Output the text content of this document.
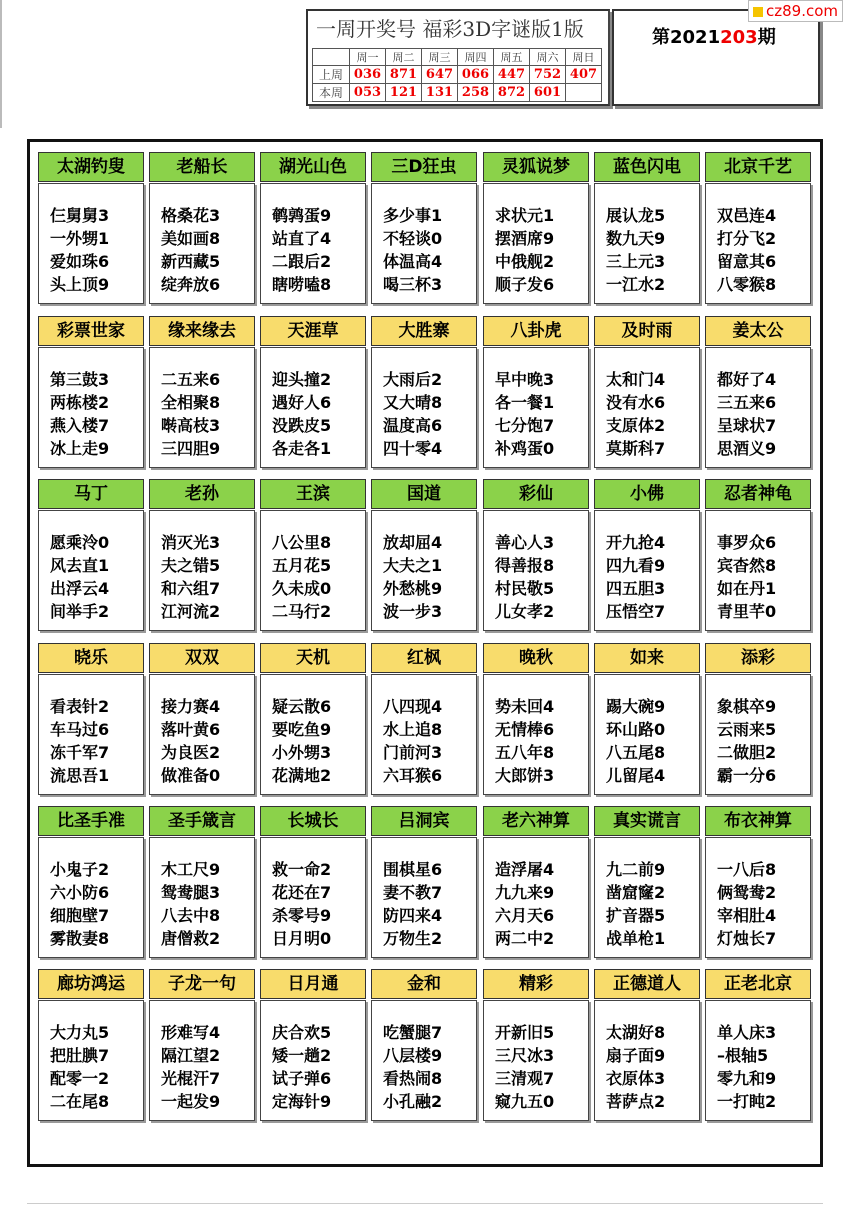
一周开奖号 福彩3D字谜版1版
	周一	周二	周三	周四	周五	周六	周日
上周	036	871	647	066	447	752	407
本周	053	121	131	258	872	601	
第2021203期
cz89.com
太湖钓叟
仨舅舅3
一外甥1
爱如珠6
头上顶9
老船长
格桑花3
美如画8
新西藏5
绽奔放6
湖光山色
鹌鹑蛋9
站直了4
二跟后2
瞎唠嗑8
三D狂虫
多少事1
不轻谈0
体温高4
喝三杯3
灵狐说梦
求状元1
摆酒席9
中俄舰2
顺子发6
蓝色闪电
展认龙5
数九天9
三上元3
一江水2
北京千艺
双邑连4
打分飞2
留意其6
八零猴8
彩票世家
第三鼓3
两栋楼2
燕入楼7
冰上走9
缘来缘去
二五来6
全相聚8
啭高枝3
三四胆9
天涯草
迎头撞2
遇好人6
没跌皮5
各走各1
大胜寨
大雨后2
又大晴8
温度高6
四十零4
八卦虎
早中晚3
各一餐1
七分饱7
补鸡蛋0
及时雨
太和门4
没有水6
支原体2
莫斯科7
姜太公
都好了4
三五来6
呈球状7
思酒义9
马丁
愿乘泠0
风去直1
出浮云4
间举手2
老孙
消灭光3
夫之错5
和六组7
江河流2
王滨
八公里8
五月花5
久未成0
二马行2
国道
放却屈4
大夫之1
外愁桃9
波一步3
彩仙
善心人3
得善报8
村民敬5
儿女孝2
小佛
开九抢4
四九看9
四五胆3
压悟空7
忍者神龟
事罗众6
宾杳然8
如在丹1
青里芊0
晓乐
看表针2
车马过6
冻千军7
流思吾1
双双
接力赛4
落叶黄6
为良医2
做准备0
天机
疑云散6
要吃鱼9
小外甥3
花满地2
红枫
八四现4
水上追8
门前河3
六耳猴6
晚秋
势未回4
无情棒6
五八年8
大郎饼3
如来
踢大碗9
环山路0
八五尾8
儿留尾4
添彩
象棋卒9
云雨来5
二做胆2
霸一分6
比圣手准
小鬼子2
六小防6
细胞壁7
雾散妻8
圣手箴言
木工尺9
鸳鸯腿3
八去中8
唐僧救2
长城长
救一命2
花还在7
杀零号9
日月明0
吕洞宾
围棋星6
妻不教7
防四来4
万物生2
老六神算
造浮屠4
九九来9
六月天6
两二中2
真实谎言
九二前9
凿窟窿2
扩音器5
战单枪1
布衣神算
一八后8
俩鸳鸯2
宰相肚4
灯烛长7
廊坊鸿运
大力丸5
把肚腆7
配零一2
二在尾8
子龙一句
形难写4
隔江望2
光棍汗7
一起发9
日月通
庆合欢5
矮一趟2
试子弹6
定海针9
金和
吃蟹腿7
八层楼9
看热闹8
小孔融2
精彩
开新旧5
三尺冰3
三清观7
窥九五0
正德道人
太湖好8
扇子面9
衣原体3
菩萨点2
正老北京
单人床3
–根轴5
零九和9
一打盹2
